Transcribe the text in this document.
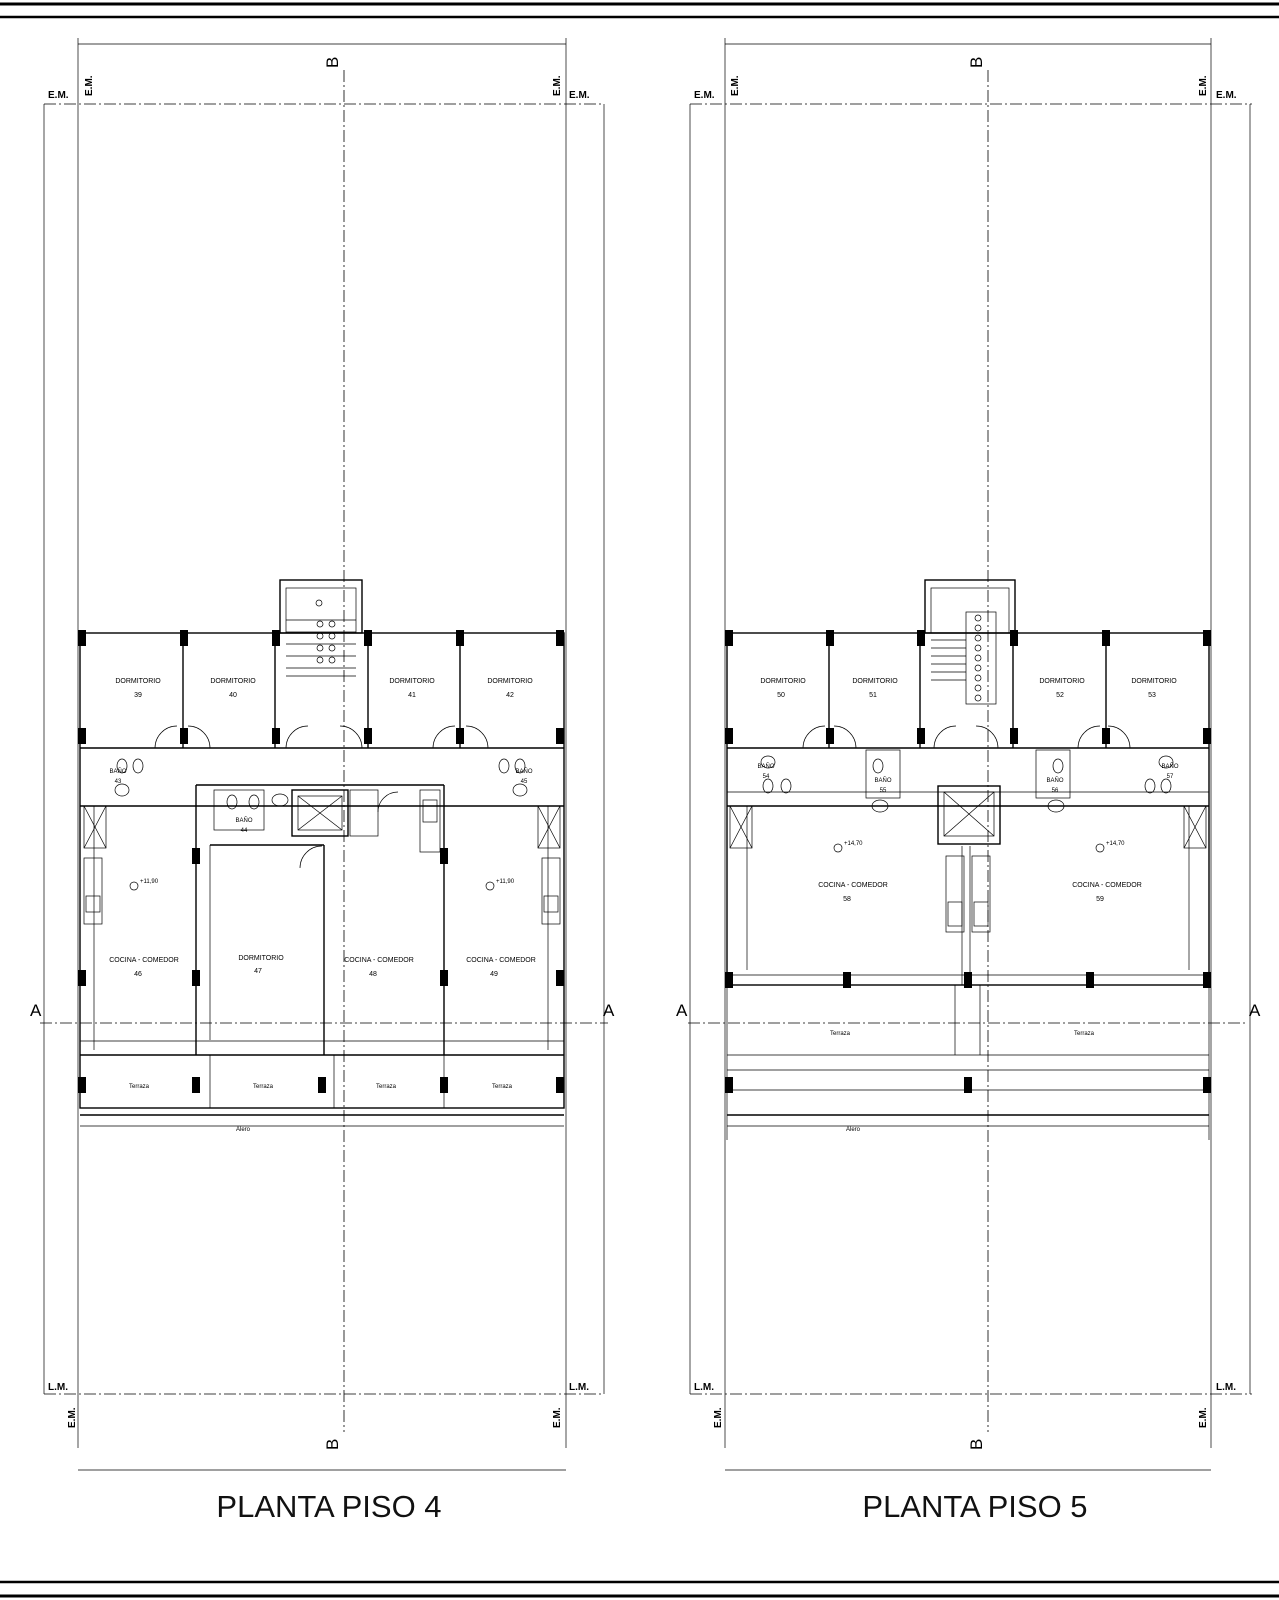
E.M.	E.M.
L.M.	L.M.
E.M.	E.M.
E.M.	E.M.
B
B
A	A
+11,90	+11,90
DORMITORIO
39
DORMITORIO
40
DORMITORIO
41
DORMITORIO
42
BAÑO
43
BAÑO
44
BAÑO
45
COCINA - COMEDOR
46
DORMITORIO
47
COCINA - COMEDOR
48
COCINA - COMEDOR
49
Terraza	Terraza	Terraza	Terraza
Alero
PLANTA PISO 4
E.M.	E.M.
L.M.	L.M.
E.M.	E.M.
E.M.	E.M.
B
B
A	A
+14,70	+14,70
DORMITORIO
50
DORMITORIO
51
DORMITORIO
52
DORMITORIO
53
BAÑO
54
BAÑO
55
BAÑO
56
BAÑO
57
COCINA - COMEDOR
58
COCINA - COMEDOR
59
Terraza	Terraza
Alero
PLANTA PISO 5
